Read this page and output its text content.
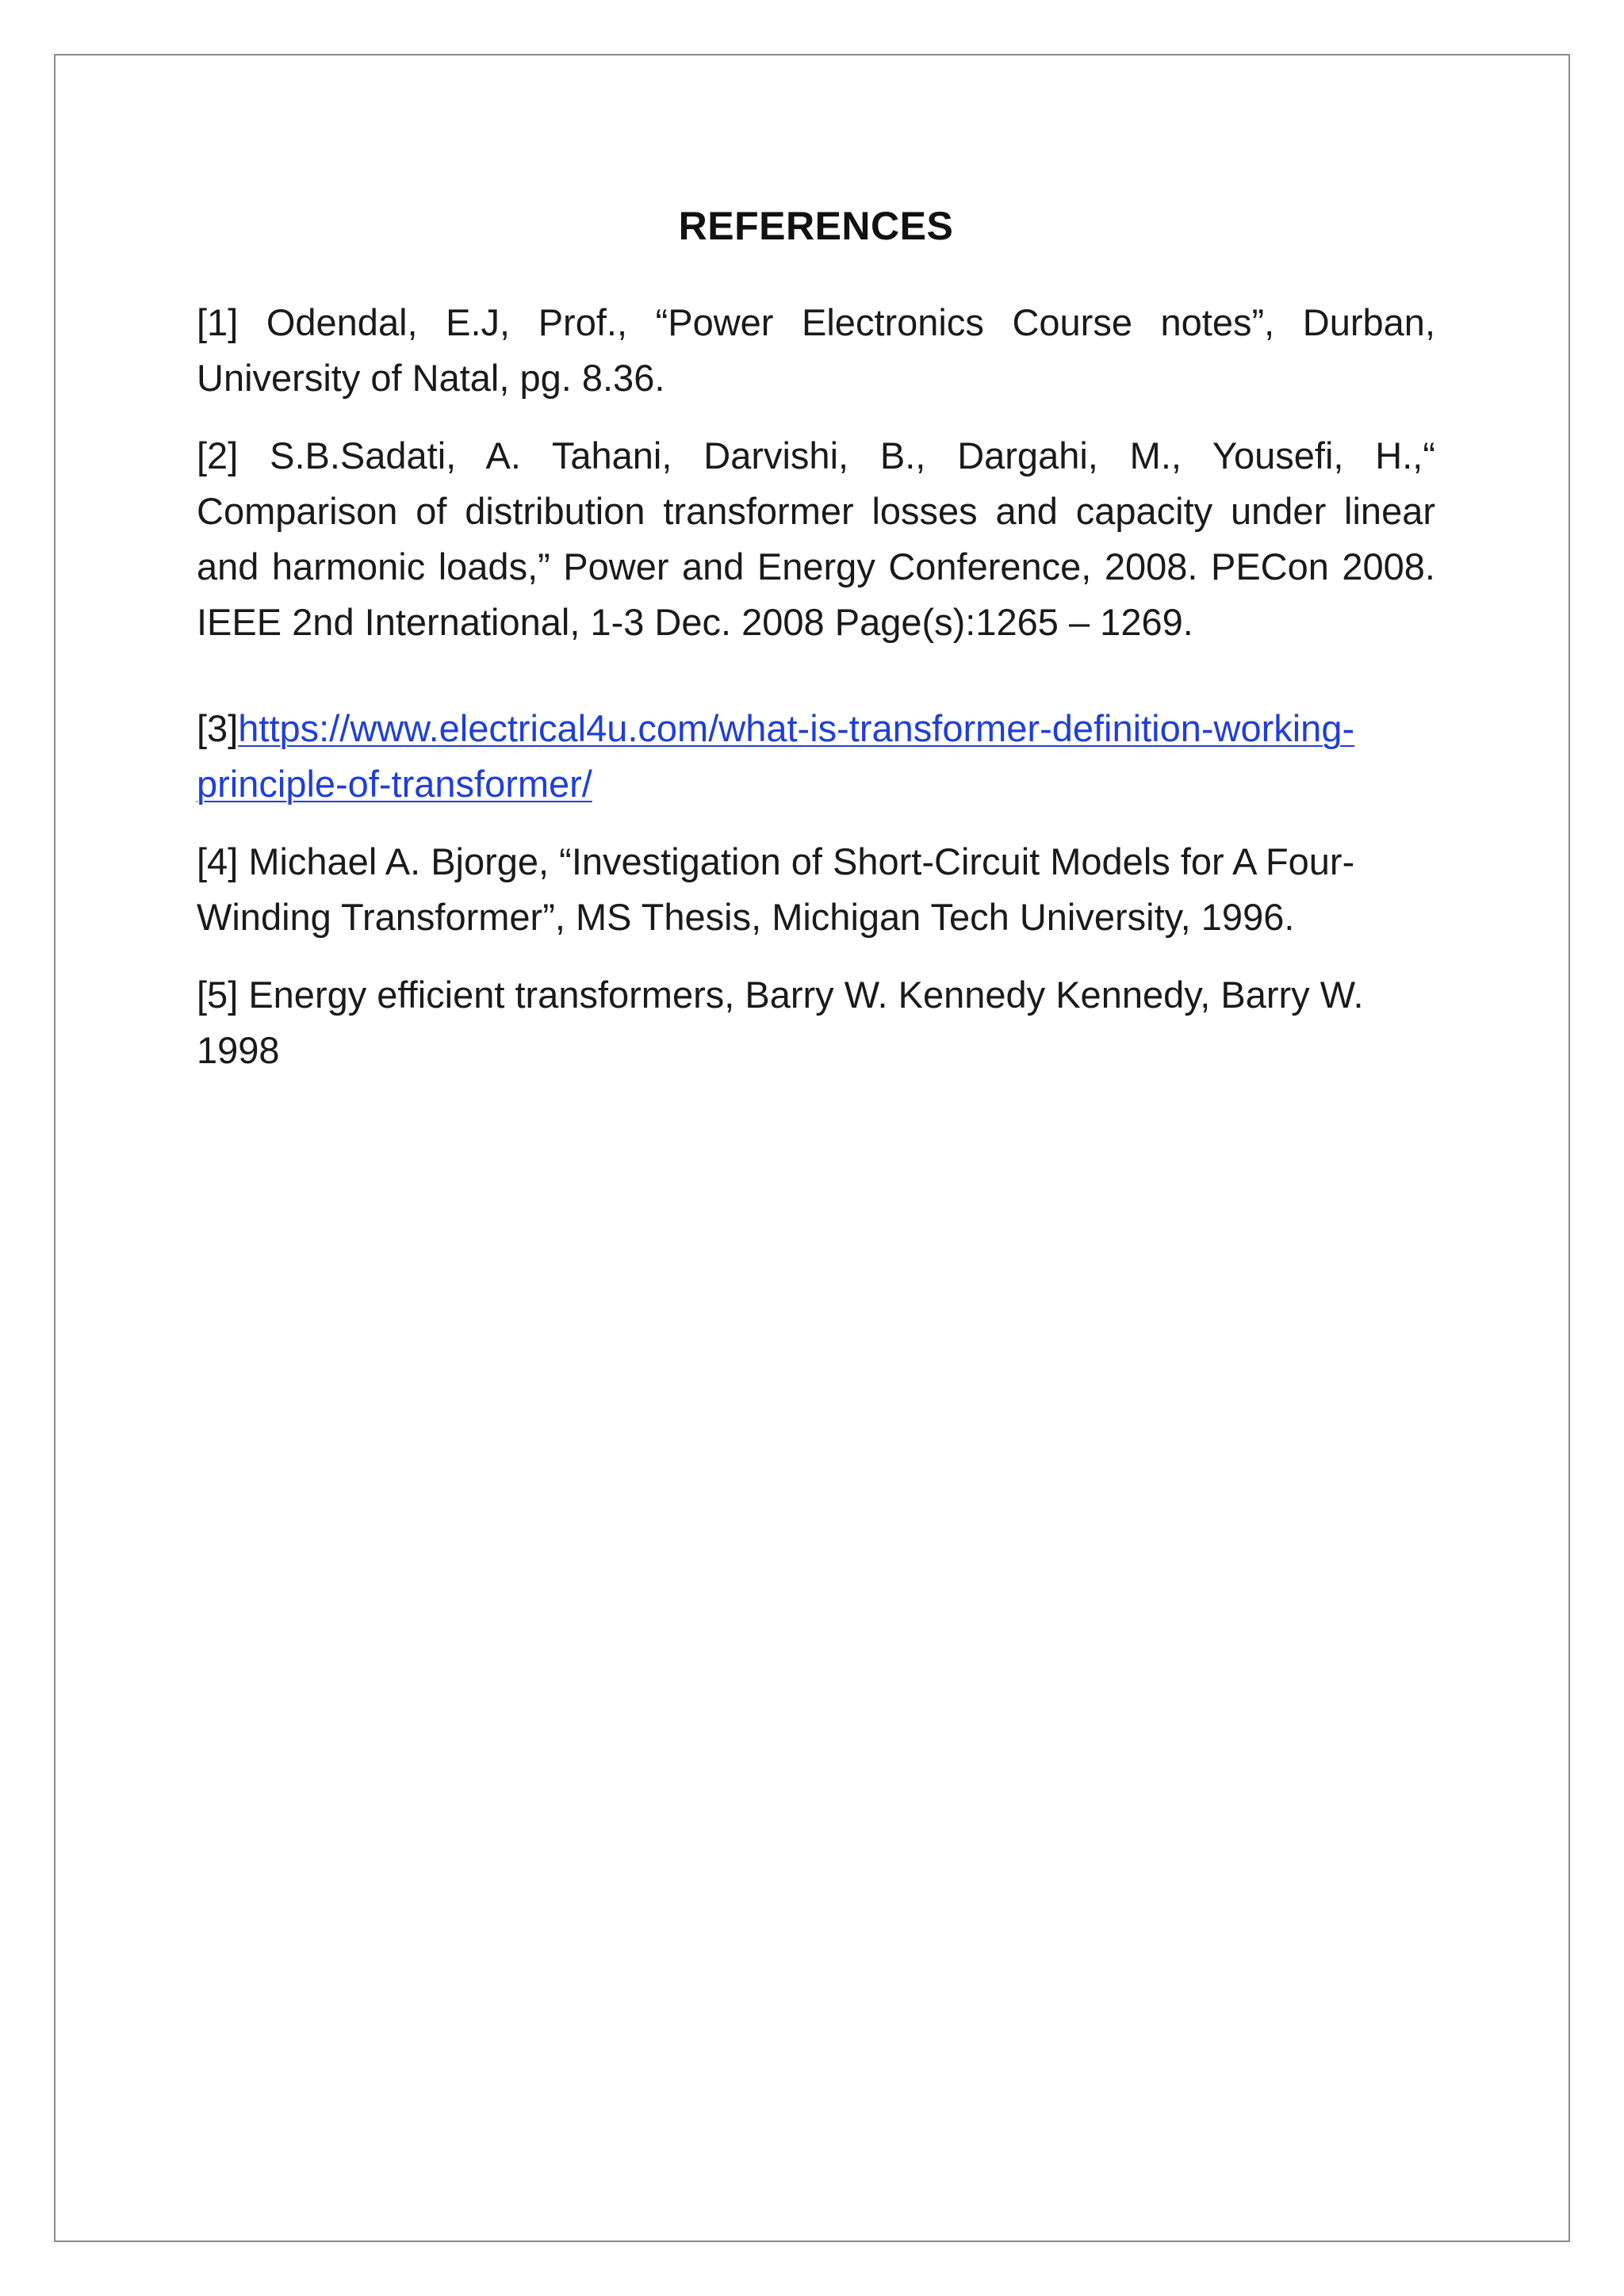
REFERENCES

[1] Odendal, E.J, Prof., “Power Electronics Course notes”, Durban, University of Natal, pg. 8.36.

[2] S.B.Sadati, A. Tahani, Darvishi, B., Dargahi, M., Yousefi, H.,“ Comparison of distribution transformer losses and capacity under linear and harmonic loads,” Power and Energy Conference, 2008. PECon 2008. IEEE 2nd International, 1-3 Dec. 2008 Page(s):1265 – 1269.

[3]https://www.electrical4u.com/what-is-transformer-definition-working-principle-of-transformer/

[4] Michael A. Bjorge, “Investigation of Short-Circuit Models for A Four-Winding Transformer”, MS Thesis, Michigan Tech University, 1996.

[5] Energy efficient transformers, Barry W. Kennedy Kennedy, Barry W. 1998
